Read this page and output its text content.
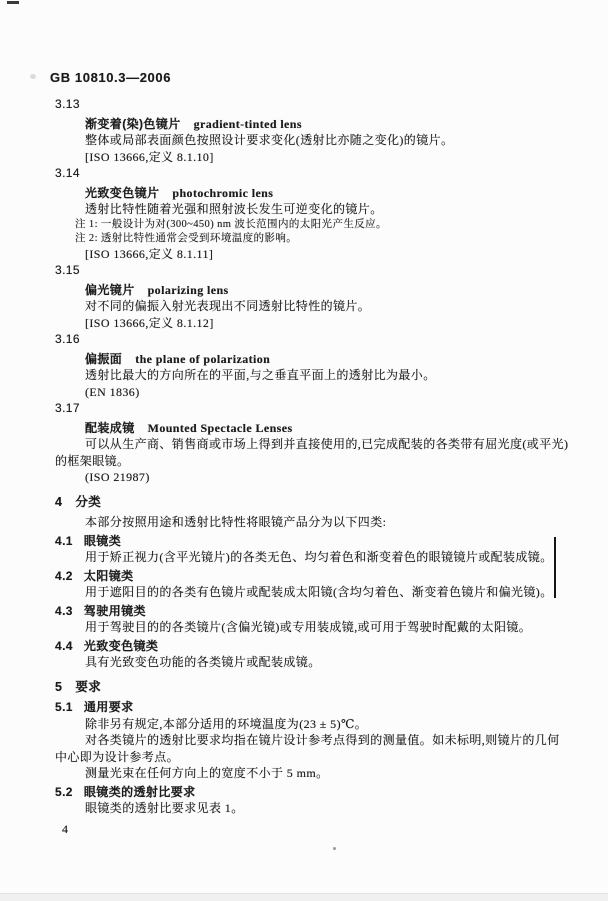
GB 10810.3—2006
3.13
渐变着(染)色镜片 gradient-tinted lens
整体或局部表面颜色按照设计要求变化(透射比亦随之变化)的镜片。
[ISO 13666,定义 8.1.10]
3.14
光致变色镜片 photochromic lens
透射比特性随着光强和照射波长发生可逆变化的镜片。
注 1: 一般设计为对(300~450) nm 波长范围内的太阳光产生反应。
注 2: 透射比特性通常会受到环境温度的影响。
[ISO 13666,定义 8.1.11]
3.15
偏光镜片 polarizing lens
对不同的偏振入射光表现出不同透射比特性的镜片。
[ISO 13666,定义 8.1.12]
3.16
偏振面 the plane of polarization
透射比最大的方向所在的平面,与之垂直平面上的透射比为最小。
(EN 1836)
3.17
配装成镜 Mounted Spectacle Lenses
可以从生产商、销售商或市场上得到并直接使用的,已完成配装的各类带有屈光度(或平光)的框架眼镜。
(ISO 21987)
4 分类
本部分按照用途和透射比特性将眼镜产品分为以下四类:
4.1 眼镜类
用于矫正视力(含平光镜片)的各类无色、均匀着色和渐变着色的眼镜镜片或配装成镜。
4.2 太阳镜类
用于遮阳目的的各类有色镜片或配装成太阳镜(含均匀着色、渐变着色镜片和偏光镜)。
4.3 驾驶用镜类
用于驾驶目的的各类镜片(含偏光镜)或专用装成镜,或可用于驾驶时配戴的太阳镜。
4.4 光致变色镜类
具有光致变色功能的各类镜片或配装成镜。
5 要求
5.1 通用要求
除非另有规定,本部分适用的环境温度为(23 ± 5)℃。
对各类镜片的透射比要求均指在镜片设计参考点得到的测量值。如未标明,则镜片的几何中心即为设计参考点。
测量光束在任何方向上的宽度不小于 5 mm。
5.2 眼镜类的透射比要求
眼镜类的透射比要求见表 1。
4
